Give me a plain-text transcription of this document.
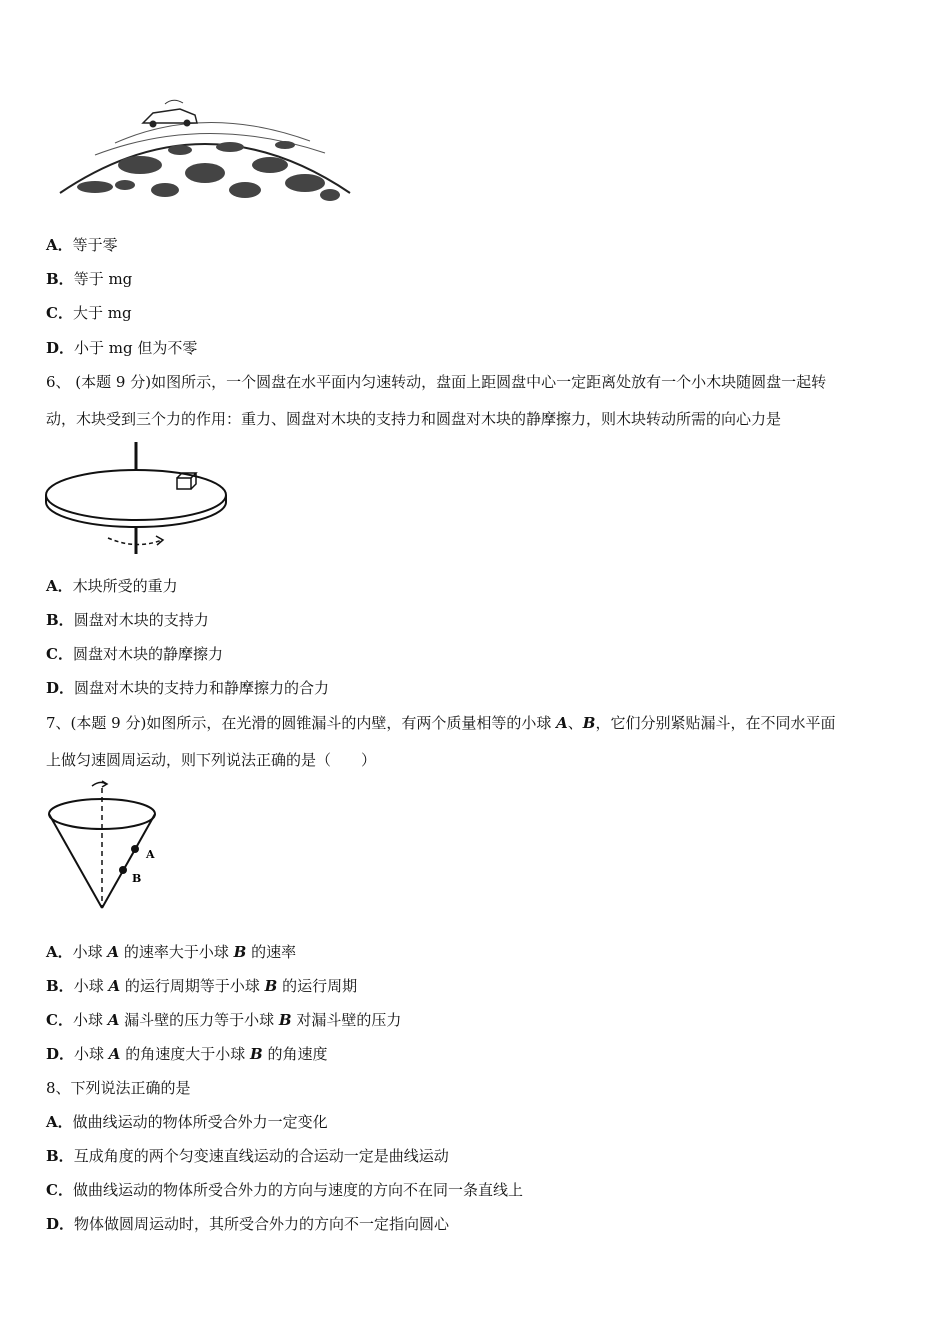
A．等于零
B．等于 mg
C．大于 mg
D．小于 mg 但为不零
6、 (本题 9 分)如图所示，一个圆盘在水平面内匀速转动，盘面上距圆盘中心一定距离处放有一个小木块随圆盘一起转
动，木块受到三个力的作用：重力、圆盘对木块的支持力和圆盘对木块的静摩擦力，则木块转动所需的向心力是
A．木块所受的重力
B．圆盘对木块的支持力
C．圆盘对木块的静摩擦力
D．圆盘对木块的支持力和静摩擦力的合力
7、(本题 9 分)如图所示，在光滑的圆锥漏斗的内壁，有两个质量相等的小球 A、B，它们分别紧贴漏斗，在不同水平面
上做匀速圆周运动，则下列说法正确的是（　　）
A
B
A．小球 A 的速率大于小球 B 的速率
B．小球 A 的运行周期等于小球 B 的运行周期
C．小球 A 漏斗壁的压力等于小球 B 对漏斗壁的压力
D．小球 A 的角速度大于小球 B 的角速度
8、下列说法正确的是
A．做曲线运动的物体所受合外力一定变化
B．互成角度的两个匀变速直线运动的合运动一定是曲线运动
C．做曲线运动的物体所受合外力的方向与速度的方向不在同一条直线上
D．物体做圆周运动时，其所受合外力的方向不一定指向圆心
